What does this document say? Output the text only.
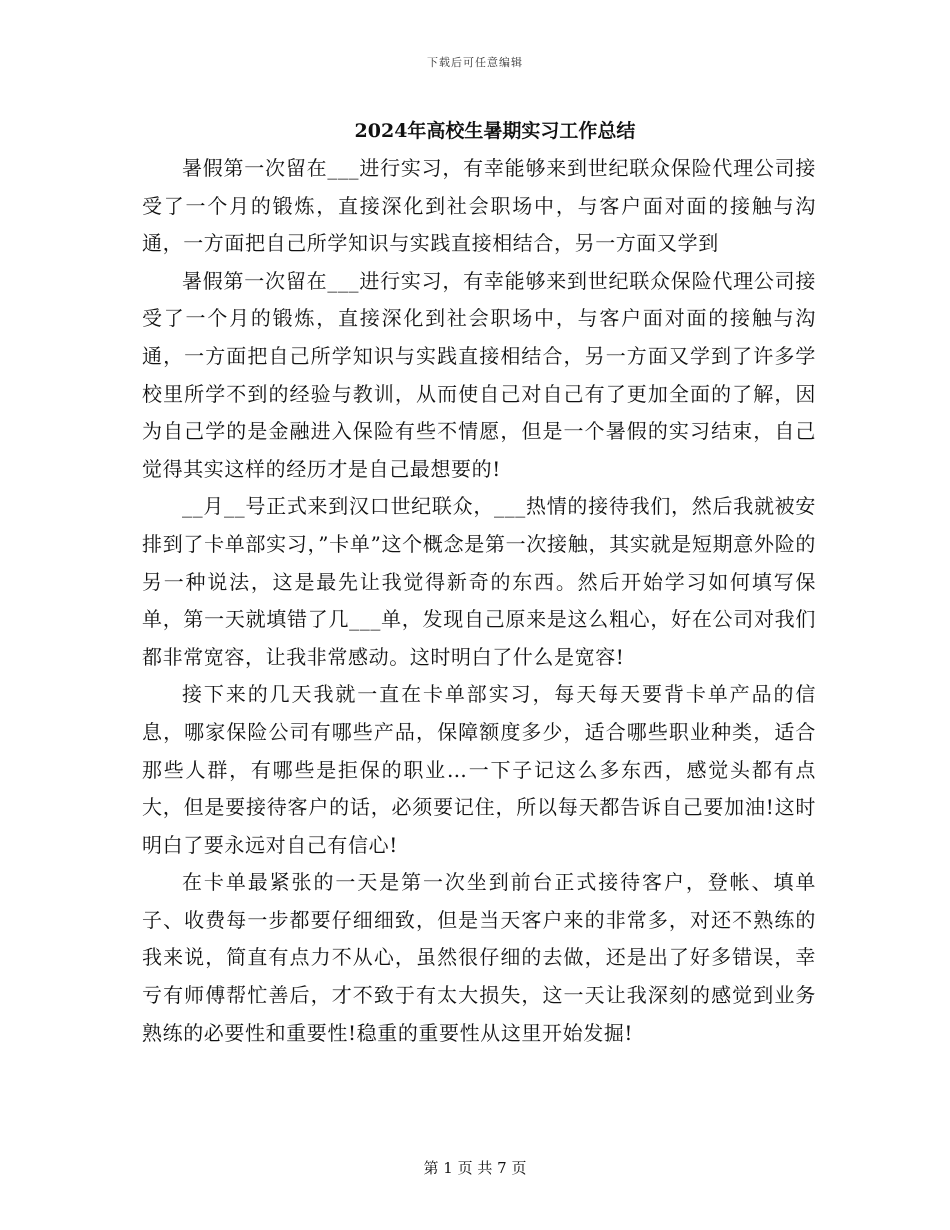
下载后可任意编辑
2024年高校生暑期实习工作总结

暑假第一次留在___进行实习，有幸能够来到世纪联众保险代理公司接受了一个月的锻炼，直接深化到社会职场中，与客户面对面的接触与沟通，一方面把自己所学知识与实践直接相结合，另一方面又学到

暑假第一次留在___进行实习，有幸能够来到世纪联众保险代理公司接受了一个月的锻炼，直接深化到社会职场中，与客户面对面的接触与沟通，一方面把自己所学知识与实践直接相结合，另一方面又学到了许多学校里所学不到的经验与教训，从而使自己对自己有了更加全面的了解，因为自己学的是金融进入保险有些不情愿，但是一个暑假的实习结束，自己觉得其实这样的经历才是自己最想要的!

__月__号正式来到汉口世纪联众，___热情的接待我们，然后我就被安排到了卡单部实习，”卡单”这个概念是第一次接触，其实就是短期意外险的另一种说法，这是最先让我觉得新奇的东西。然后开始学习如何填写保单，第一天就填错了几___单，发现自己原来是这么粗心，好在公司对我们都非常宽容，让我非常感动。这时明白了什么是宽容!

接下来的几天我就一直在卡单部实习，每天每天要背卡单产品的信息，哪家保险公司有哪些产品，保障额度多少，适合哪些职业种类，适合那些人群，有哪些是拒保的职业…一下子记这么多东西，感觉头都有点大，但是要接待客户的话，必须要记住，所以每天都告诉自己要加油!这时明白了要永远对自己有信心!

在卡单最紧张的一天是第一次坐到前台正式接待客户，登帐、填单子、收费每一步都要仔细细致，但是当天客户来的非常多，对还不熟练的我来说，简直有点力不从心，虽然很仔细的去做，还是出了好多错误，幸亏有师傅帮忙善后，才不致于有太大损失，这一天让我深刻的感觉到业务熟练的必要性和重要性!稳重的重要性从这里开始发掘!

第 1 页 共 7 页
